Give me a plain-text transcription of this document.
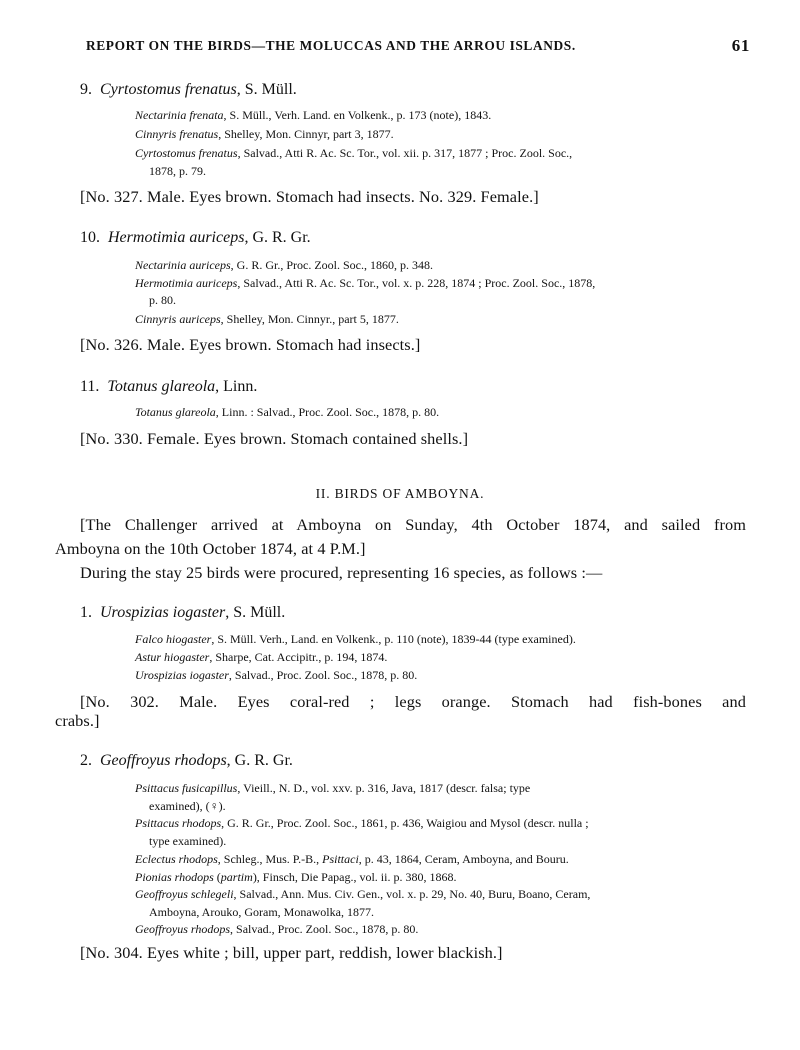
REPORT ON THE BIRDS—THE MOLUCCAS AND THE ARROU ISLANDS.	61
9. Cyrtostomus frenatus, S. Müll.
Nectarinia frenata, S. Müll., Verh. Land. en Volkenk., p. 173 (note), 1843.
Cinnyris frenatus, Shelley, Mon. Cinnyr, part 3, 1877.
Cyrtostomus frenatus, Salvad., Atti R. Ac. Sc. Tor., vol. xii. p. 317, 1877 ; Proc. Zool. Soc.,
1878, p. 79.
[No. 327. Male. Eyes brown. Stomach had insects. No. 329. Female.]
10. Hermotimia auriceps, G. R. Gr.
Nectarinia auriceps, G. R. Gr., Proc. Zool. Soc., 1860, p. 348.
Hermotimia auriceps, Salvad., Atti R. Ac. Sc. Tor., vol. x. p. 228, 1874 ; Proc. Zool. Soc., 1878,
p. 80.
Cinnyris auriceps, Shelley, Mon. Cinnyr., part 5, 1877.
[No. 326. Male. Eyes brown. Stomach had insects.]
11. Totanus glareola, Linn.
Totanus glareola, Linn. : Salvad., Proc. Zool. Soc., 1878, p. 80.
[No. 330. Female. Eyes brown. Stomach contained shells.]
II. BIRDS OF AMBOYNA.
[The Challenger arrived at Amboyna on Sunday, 4th October 1874, and sailed from
Amboyna on the 10th October 1874, at 4 P.M.]
During the stay 25 birds were procured, representing 16 species, as follows :—
1. Urospizias iogaster, S. Müll.
Falco hiogaster, S. Müll. Verh., Land. en Volkenk., p. 110 (note), 1839-44 (type examined).
Astur hiogaster, Sharpe, Cat. Accipitr., p. 194, 1874.
Urospizias iogaster, Salvad., Proc. Zool. Soc., 1878, p. 80.
[No. 302. Male. Eyes coral-red ; legs orange. Stomach had fish-bones and
crabs.]
2. Geoffroyus rhodops, G. R. Gr.
Psittacus fusicapillus, Vieill., N. D., vol. xxv. p. 316, Java, 1817 (descr. falsa; type
examined), (♀).
Psittacus rhodops, G. R. Gr., Proc. Zool. Soc., 1861, p. 436, Waigiou and Mysol (descr. nulla ;
type examined).
Eclectus rhodops, Schleg., Mus. P.-B., Psittaci, p. 43, 1864, Ceram, Amboyna, and Bouru.
Pionias rhodops (partim), Finsch, Die Papag., vol. ii. p. 380, 1868.
Geoffroyus schlegeli, Salvad., Ann. Mus. Civ. Gen., vol. x. p. 29, No. 40, Buru, Boano, Ceram,
Amboyna, Arouko, Goram, Monawolka, 1877.
Geoffroyus rhodops, Salvad., Proc. Zool. Soc., 1878, p. 80.
[No. 304. Eyes white ; bill, upper part, reddish, lower blackish.]
